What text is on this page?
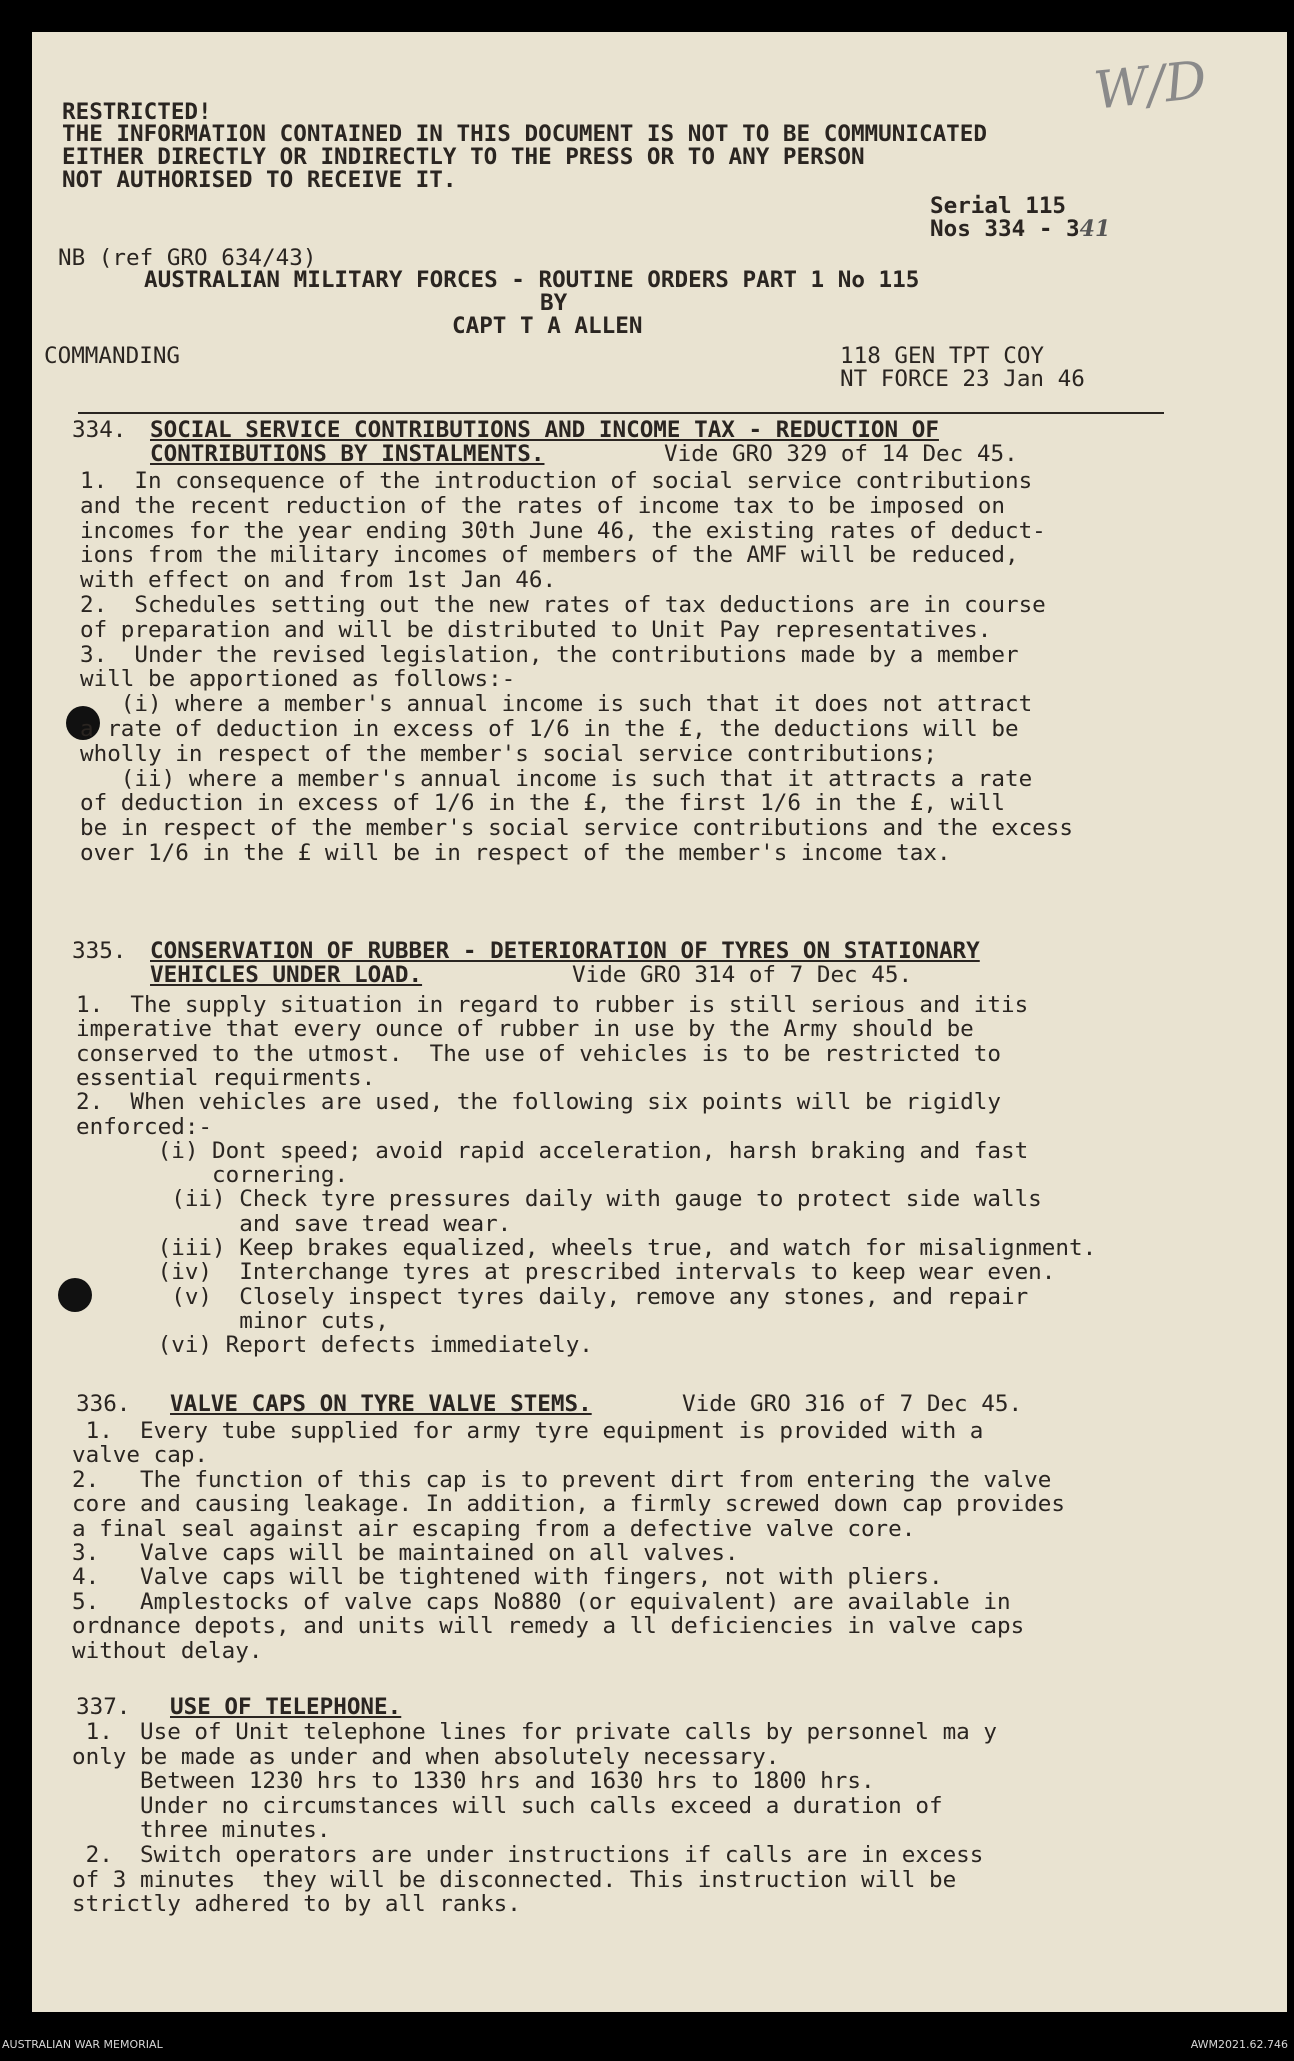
W/D
RESTRICTED!
THE INFORMATION CONTAINED IN THIS DOCUMENT IS NOT TO BE COMMUNICATED
EITHER DIRECTLY OR INDIRECTLY TO THE PRESS OR TO ANY PERSON
NOT AUTHORISED TO RECEIVE IT.
Serial 115
Nos 334 - 341
NB (ref GRO 634/43)
AUSTRALIAN MILITARY FORCES - ROUTINE ORDERS PART 1 No 115
BY
CAPT T A ALLEN
COMMANDING	118 GEN TPT COY
NT FORCE 23 Jan 46
334. SOCIAL SERVICE CONTRIBUTIONS AND INCOME TAX - REDUCTION OF
CONTRIBUTIONS BY INSTALMENTS.	Vide GRO 329 of 14 Dec 45.
335. CONSERVATION OF RUBBER - DETERIORATION OF TYRES ON STATIONARY
VEHICLES UNDER LOAD.	Vide GRO 314 of 7 Dec 45.
336. VALVE CAPS ON TYRE VALVE STEMS.	Vide GRO 316 of 7 Dec 45.
337. USE OF TELEPHONE.
1.  In consequence of the introduction of social service contributions
and the recent reduction of the rates of income tax to be imposed on
incomes for the year ending 30th June 46, the existing rates of deduct-
ions from the military incomes of members of the AMF will be reduced,
with effect on and from 1st Jan 46.
2.  Schedules setting out the new rates of tax deductions are in course
of preparation and will be distributed to Unit Pay representatives.
3.  Under the revised legislation, the contributions made by a member
will be apportioned as follows:-
(i) where a member's annual income is such that it does not attract
a rate of deduction in excess of 1/6 in the £, the deductions will be
wholly in respect of the member's social service contributions;
(ii) where a member's annual income is such that it attracts a rate
of deduction in excess of 1/6 in the £, the first 1/6 in the £, will
be in respect of the member's social service contributions and the excess
over 1/6 in the £ will be in respect of the member's income tax.
1.  The supply situation in regard to rubber is still serious and itis
imperative that every ounce of rubber in use by the Army should be
conserved to the utmost.  The use of vehicles is to be restricted to
essential requirments.
2.  When vehicles are used, the following six points will be rigidly
enforced:-
(i) Dont speed; avoid rapid acceleration, harsh braking and fast
cornering.
(ii) Check tyre pressures daily with gauge to protect side walls
and save tread wear.
(iii) Keep brakes equalized, wheels true, and watch for misalignment.
(iv)  Interchange tyres at prescribed intervals to keep wear even.
(v)  Closely inspect tyres daily, remove any stones, and repair
minor cuts,
(vi) Report defects immediately.
1.  Every tube supplied for army tyre equipment is provided with a
valve cap.
2.   The function of this cap is to prevent dirt from entering the valve
core and causing leakage. In addition, a firmly screwed down cap provides
a final seal against air escaping from a defective valve core.
3.   Valve caps will be maintained on all valves.
4.   Valve caps will be tightened with fingers, not with pliers.
5.   Amplestocks of valve caps No880 (or equivalent) are available in
ordnance depots, and units will remedy a ll deficiencies in valve caps
without delay.
1.  Use of Unit telephone lines for private calls by personnel ma y
only be made as under and when absolutely necessary.
Between 1230 hrs to 1330 hrs and 1630 hrs to 1800 hrs.
Under no circumstances will such calls exceed a duration of
three minutes.
2.  Switch operators are under instructions if calls are in excess
of 3 minutes  they will be disconnected. This instruction will be
strictly adhered to by all ranks.
AUSTRALIAN WAR MEMORIAL	AWM2021.62.746
